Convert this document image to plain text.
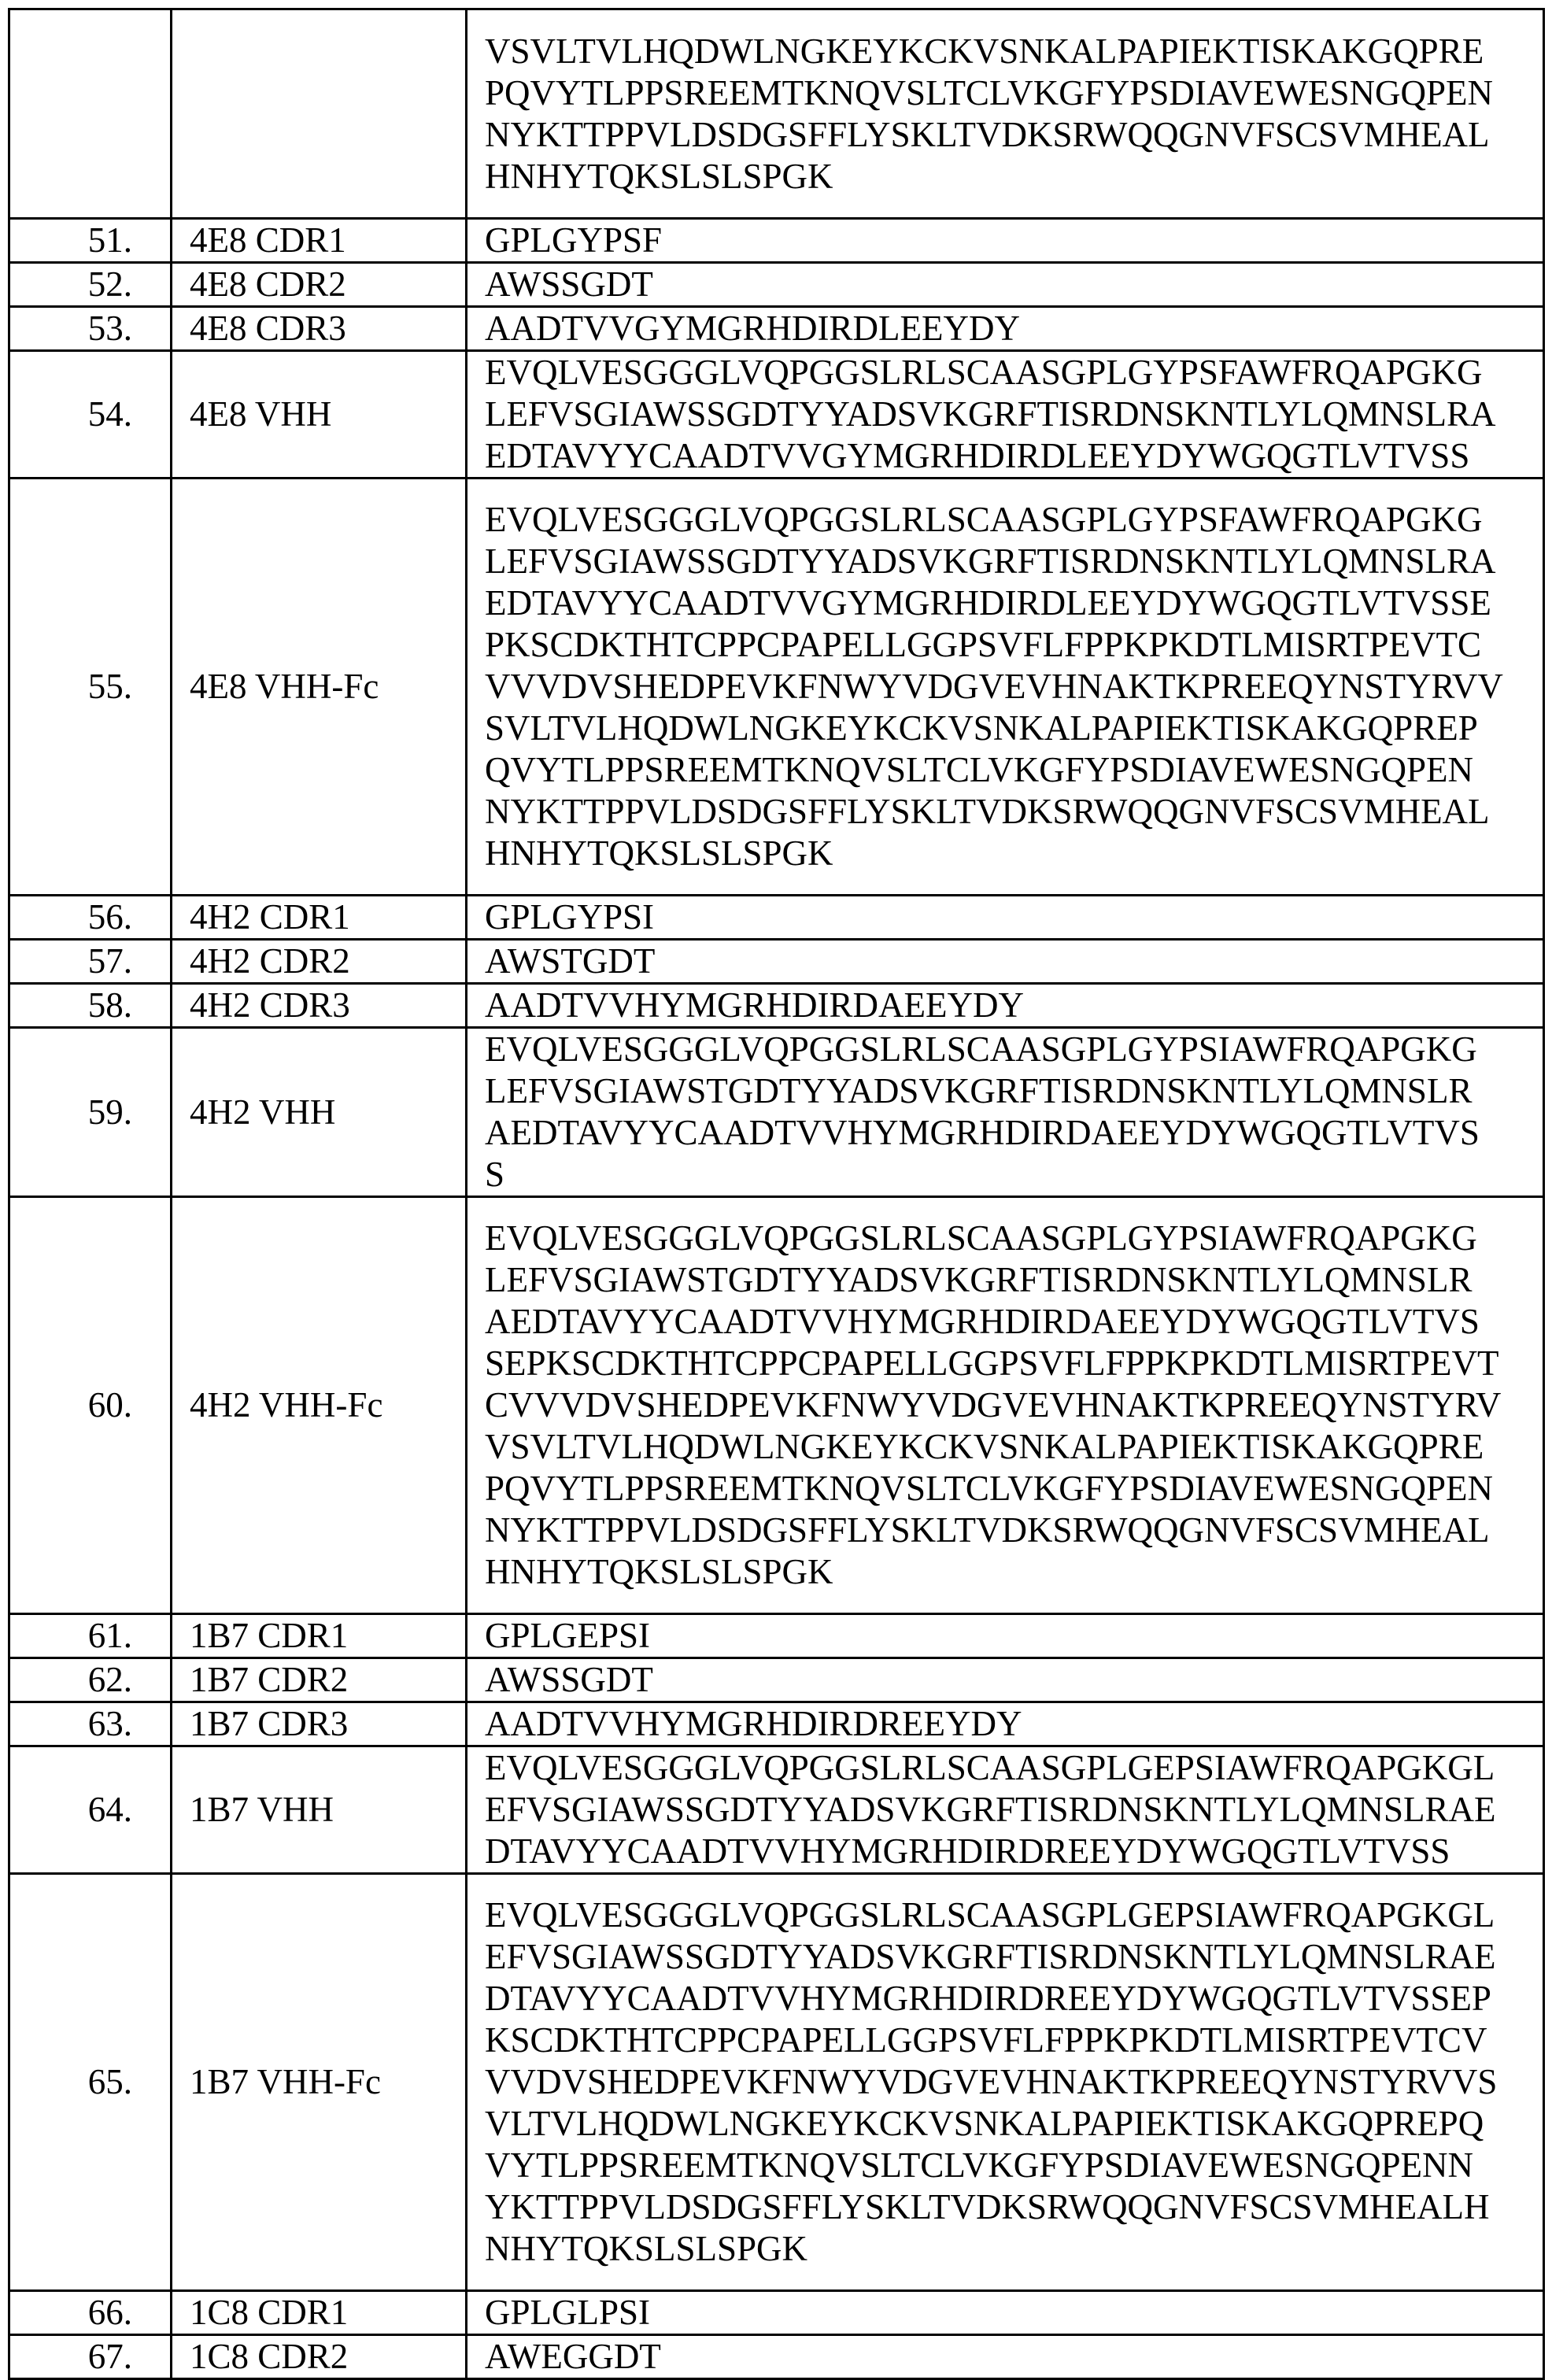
		VSVLTVLHQDWLNGKEYKCKVSNKALPAPIEKTISKAKGQPRE
PQVYTLPPSREEMTKNQVSLTCLVKGFYPSDIAVEWESNGQPEN
NYKTTPPVLDSDGSFFLYSKLTVDKSRWQQGNVFSCSVMHEAL
HNHYTQKSLSLSPGK

51.	4E8 CDR1	GPLGYPSF

52.	4E8 CDR2	AWSSGDT

53.	4E8 CDR3	AADTVVGYMGRHDIRDLEEYDY

54.	4E8 VHH	EVQLVESGGGLVQPGGSLRLSCAASGPLGYPSFAWFRQAPGKG
LEFVSGIAWSSGDTYYADSVKGRFTISRDNSKNTLYLQMNSLRA
EDTAVYYCAADTVVGYMGRHDIRDLEEYDYWGQGTLVTVSS

55.	4E8 VHH-Fc	
EVQLVESGGGLVQPGGSLRLSCAASGPLGYPSFAWFRQAPGKG
LEFVSGIAWSSGDTYYADSVKGRFTISRDNSKNTLYLQMNSLRA
EDTAVYYCAADTVVGYMGRHDIRDLEEYDYWGQGTLVTVSSE
PKSCDKTHTCPPCPAPELLGGPSVFLFPPKPKDTLMISRTPEVTC
VVVDVSHEDPEVKFNWYVDGVEVHNAKTKPREEQYNSTYRVV
SVLTVLHQDWLNGKEYKCKVSNKALPAPIEKTISKAKGQPREP
QVYTLPPSREEMTKNQVSLTCLVKGFYPSDIAVEWESNGQPEN
NYKTTPPVLDSDGSFFLYSKLTVDKSRWQQGNVFSCSVMHEAL
HNHYTQKSLSLSPGK

56.	4H2 CDR1	GPLGYPSI

57.	4H2 CDR2	AWSTGDT

58.	4H2 CDR3	AADTVVHYMGRHDIRDAEEYDY

59.	4H2 VHH	EVQLVESGGGLVQPGGSLRLSCAASGPLGYPSIAWFRQAPGKG
LEFVSGIAWSTGDTYYADSVKGRFTISRDNSKNTLYLQMNSLR
AEDTAVYYCAADTVVHYMGRHDIRDAEEYDYWGQGTLVTVS
S

60.	4H2 VHH-Fc	
EVQLVESGGGLVQPGGSLRLSCAASGPLGYPSIAWFRQAPGKG
LEFVSGIAWSTGDTYYADSVKGRFTISRDNSKNTLYLQMNSLR
AEDTAVYYCAADTVVHYMGRHDIRDAEEYDYWGQGTLVTVS
SEPKSCDKTHTCPPCPAPELLGGPSVFLFPPKPKDTLMISRTPEVT
CVVVDVSHEDPEVKFNWYVDGVEVHNAKTKPREEQYNSTYRV
VSVLTVLHQDWLNGKEYKCKVSNKALPAPIEKTISKAKGQPRE
PQVYTLPPSREEMTKNQVSLTCLVKGFYPSDIAVEWESNGQPEN
NYKTTPPVLDSDGSFFLYSKLTVDKSRWQQGNVFSCSVMHEAL
HNHYTQKSLSLSPGK

61.	1B7 CDR1	GPLGEPSI

62.	1B7 CDR2	AWSSGDT

63.	1B7 CDR3	AADTVVHYMGRHDIRDREEYDY

64.	1B7 VHH	EVQLVESGGGLVQPGGSLRLSCAASGPLGEPSIAWFRQAPGKGL
EFVSGIAWSSGDTYYADSVKGRFTISRDNSKNTLYLQMNSLRAE
DTAVYYCAADTVVHYMGRHDIRDREEYDYWGQGTLVTVSS

65.	1B7 VHH-Fc	
EVQLVESGGGLVQPGGSLRLSCAASGPLGEPSIAWFRQAPGKGL
EFVSGIAWSSGDTYYADSVKGRFTISRDNSKNTLYLQMNSLRAE
DTAVYYCAADTVVHYMGRHDIRDREEYDYWGQGTLVTVSSEP
KSCDKTHTCPPCPAPELLGGPSVFLFPPKPKDTLMISRTPEVTCV
VVDVSHEDPEVKFNWYVDGVEVHNAKTKPREEQYNSTYRVVS
VLTVLHQDWLNGKEYKCKVSNKALPAPIEKTISKAKGQPREPQ
VYTLPPSREEMTKNQVSLTCLVKGFYPSDIAVEWESNGQPENN
YKTTPPVLDSDGSFFLYSKLTVDKSRWQQGNVFSCSVMHEALH
NHYTQKSLSLSPGK

66.	1C8 CDR1	GPLGLPSI

67.	1C8 CDR2	AWEGGDT
